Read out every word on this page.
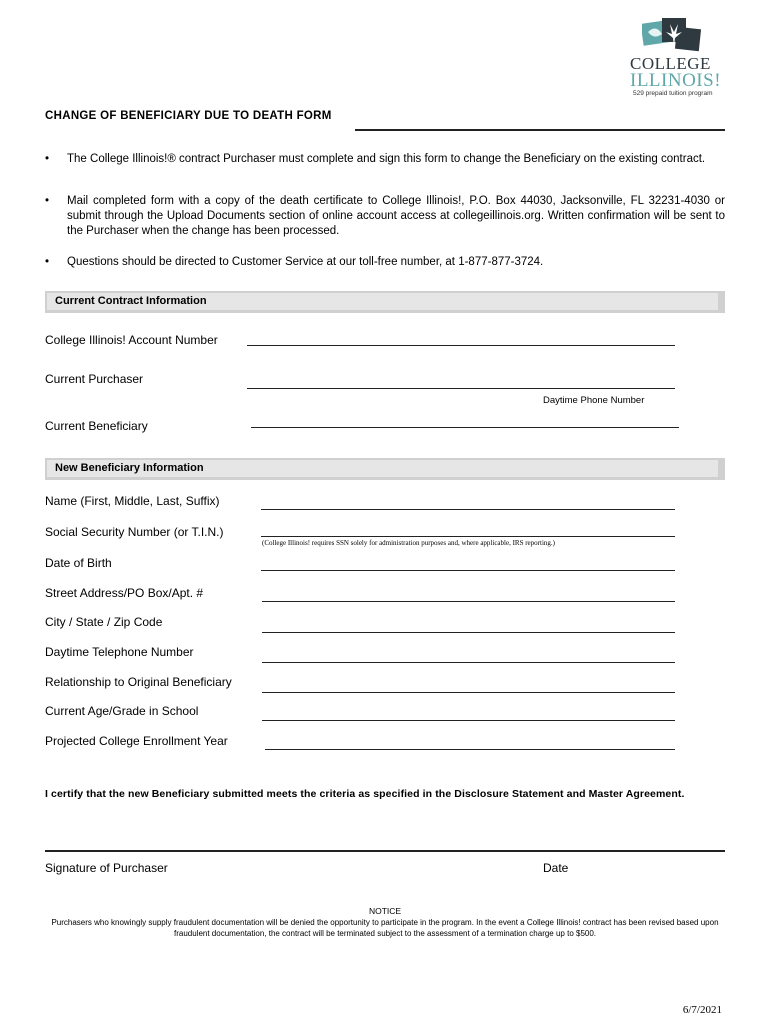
COLLEGE
ILLINOIS!
529 prepaid tuition program
CHANGE OF BENEFICIARY DUE TO DEATH FORM
• The College Illinois!® contract Purchaser must complete and sign this form to change the Beneficiary on the existing contract.
• Mail completed form with a copy of the death certificate to College Illinois!, P.O. Box 44030, Jacksonville, FL 32231-4030 or submit through the Upload Documents section of online account access at collegeillinois.org. Written confirmation will be sent to the Purchaser when the change has been processed.
• Questions should be directed to Customer Service at our toll-free number, at 1-877-877-3724.
Current Contract Information
College Illinois! Account Number
Current Purchaser
Daytime Phone Number
Current Beneficiary
New Beneficiary Information
Name (First, Middle, Last, Suffix)
Social Security Number (or T.I.N.)
(College Illinois! requires SSN solely for administration purposes and, where applicable, IRS reporting.)
Date of Birth
Street Address/PO Box/Apt. #
City / State / Zip Code
Daytime Telephone Number
Relationship to Original Beneficiary
Current Age/Grade in School
Projected College Enrollment Year
I certify that the new Beneficiary submitted meets the criteria as specified in the Disclosure Statement and Master Agreement.
Signature of Purchaser	Date
NOTICE
Purchasers who knowingly supply fraudulent documentation will be denied the opportunity to participate in the program. In the event a College Illinois! contract has been revised based upon fraudulent documentation, the contract will be terminated subject to the assessment of a termination charge up to $500.
6/7/2021
